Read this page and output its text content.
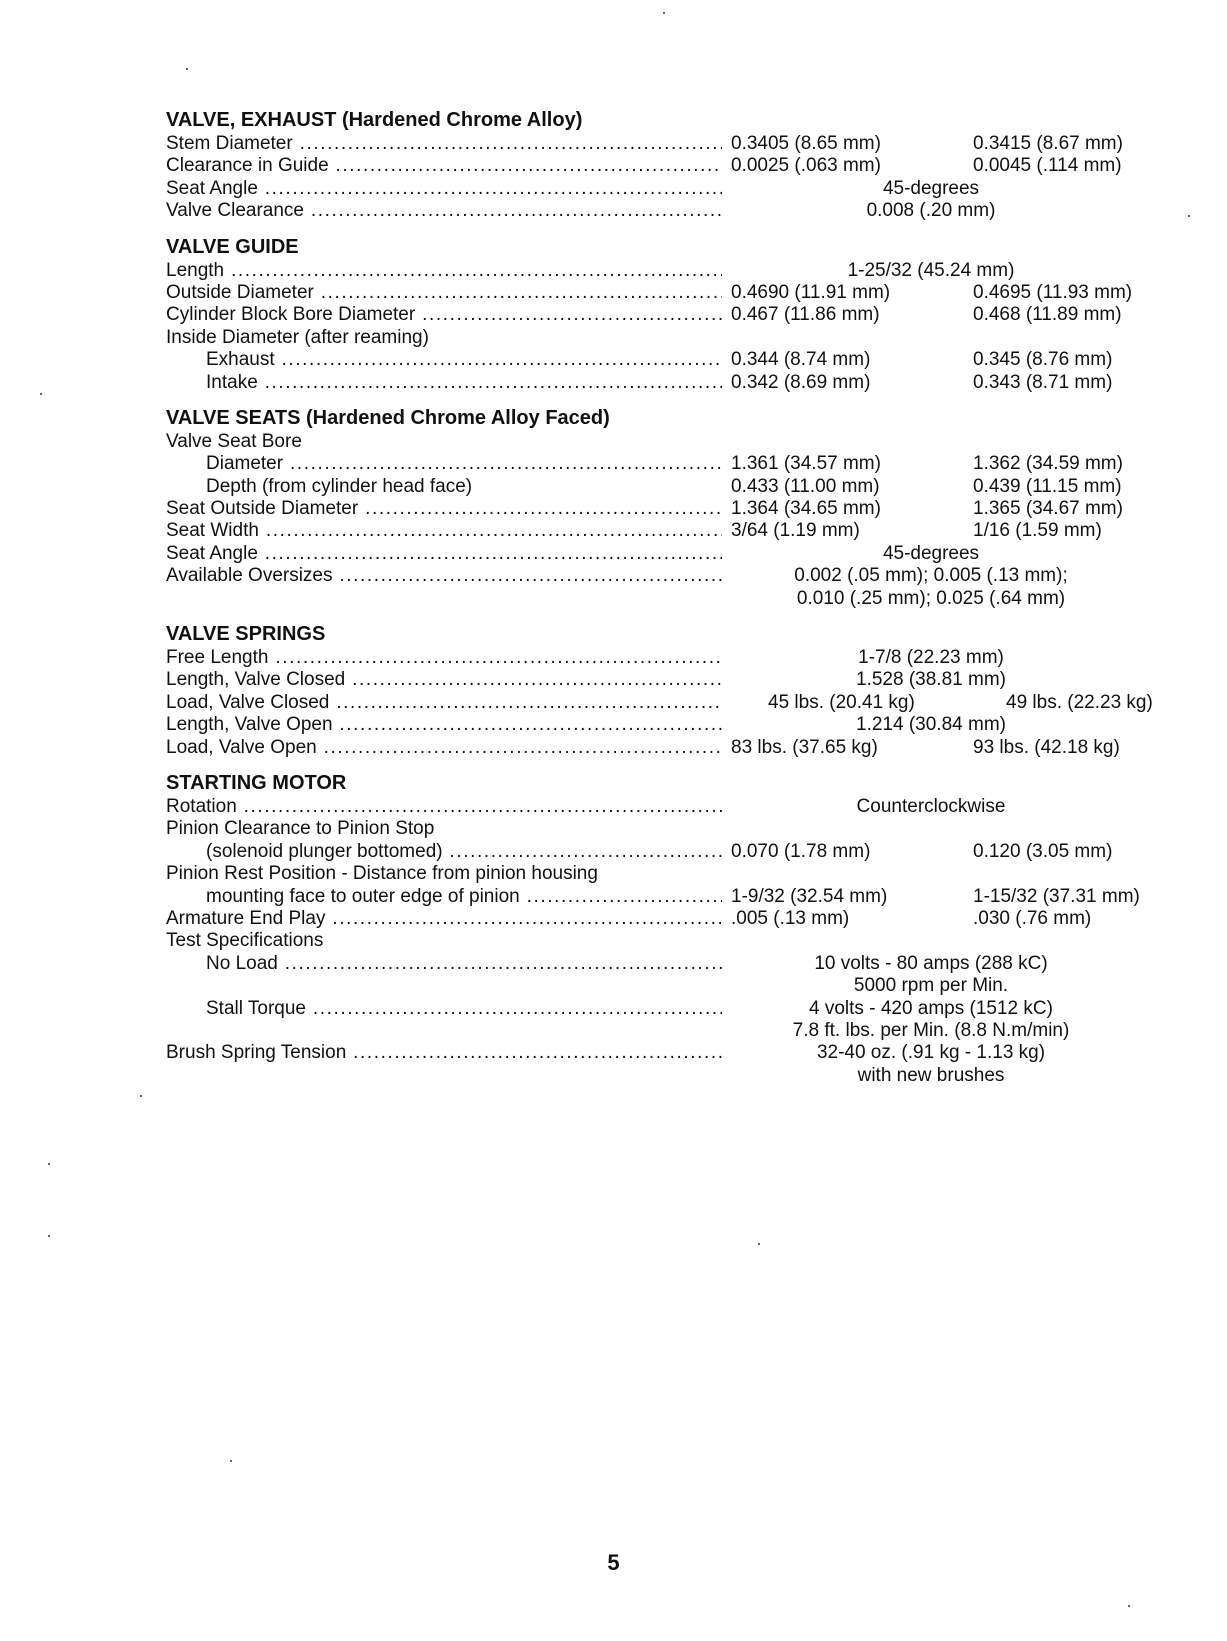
VALVE, EXHAUST (Hardened Chrome Alloy)
Stem Diameter .....	0.3405 (8.65 mm)	0.3415 (8.67 mm)
Clearance in Guide .....	0.0025 (.063 mm)	0.0045 (.114 mm)
Seat Angle .....	45-degrees
Valve Clearance .....	0.008 (.20 mm)
VALVE GUIDE
Length .....	1-25/32 (45.24 mm)
Outside Diameter .....	0.4690 (11.91 mm)	0.4695 (11.93 mm)
Cylinder Block Bore Diameter .....	0.467 (11.86 mm)	0.468 (11.89 mm)
Inside Diameter (after reaming)
Exhaust .....	0.344 (8.74 mm)	0.345 (8.76 mm)
Intake .....	0.342 (8.69 mm)	0.343 (8.71 mm)
VALVE SEATS (Hardened Chrome Alloy Faced)
Valve Seat Bore
Diameter .....	1.361 (34.57 mm)	1.362 (34.59 mm)
Depth (from cylinder head face)	0.433 (11.00 mm)	0.439 (11.15 mm)
Seat Outside Diameter .....	1.364 (34.65 mm)	1.365 (34.67 mm)
Seat Width .....	3/64 (1.19 mm)	1/16 (1.59 mm)
Seat Angle .....	45-degrees
Available Oversizes .....	0.002 (.05 mm); 0.005 (.13 mm);
0.010 (.25 mm); 0.025 (.64 mm)
VALVE SPRINGS
Free Length .....	1-7/8 (22.23 mm)
Length, Valve Closed .....	1.528 (38.81 mm)
Load, Valve Closed .....	45 lbs. (20.41 kg)	49 lbs. (22.23 kg)
Length, Valve Open .....	1.214 (30.84 mm)
Load, Valve Open .....	83 lbs. (37.65 kg)	93 lbs. (42.18 kg)
STARTING MOTOR
Rotation .....	Counterclockwise
Pinion Clearance to Pinion Stop
(solenoid plunger bottomed) .....	0.070 (1.78 mm)	0.120 (3.05 mm)
Pinion Rest Position - Distance from pinion housing
mounting face to outer edge of pinion .....	1-9/32 (32.54 mm)	1-15/32 (37.31 mm)
Armature End Play .....	.005 (.13 mm)	.030 (.76 mm)
Test Specifications
No Load .....	10 volts - 80 amps (288 kC)
5000 rpm per Min.
Stall Torque .....	4 volts - 420 amps (1512 kC)
7.8 ft. lbs. per Min. (8.8 N.m/min)
Brush Spring Tension .....	32-40 oz. (.91 kg - 1.13 kg)
with new brushes
5
